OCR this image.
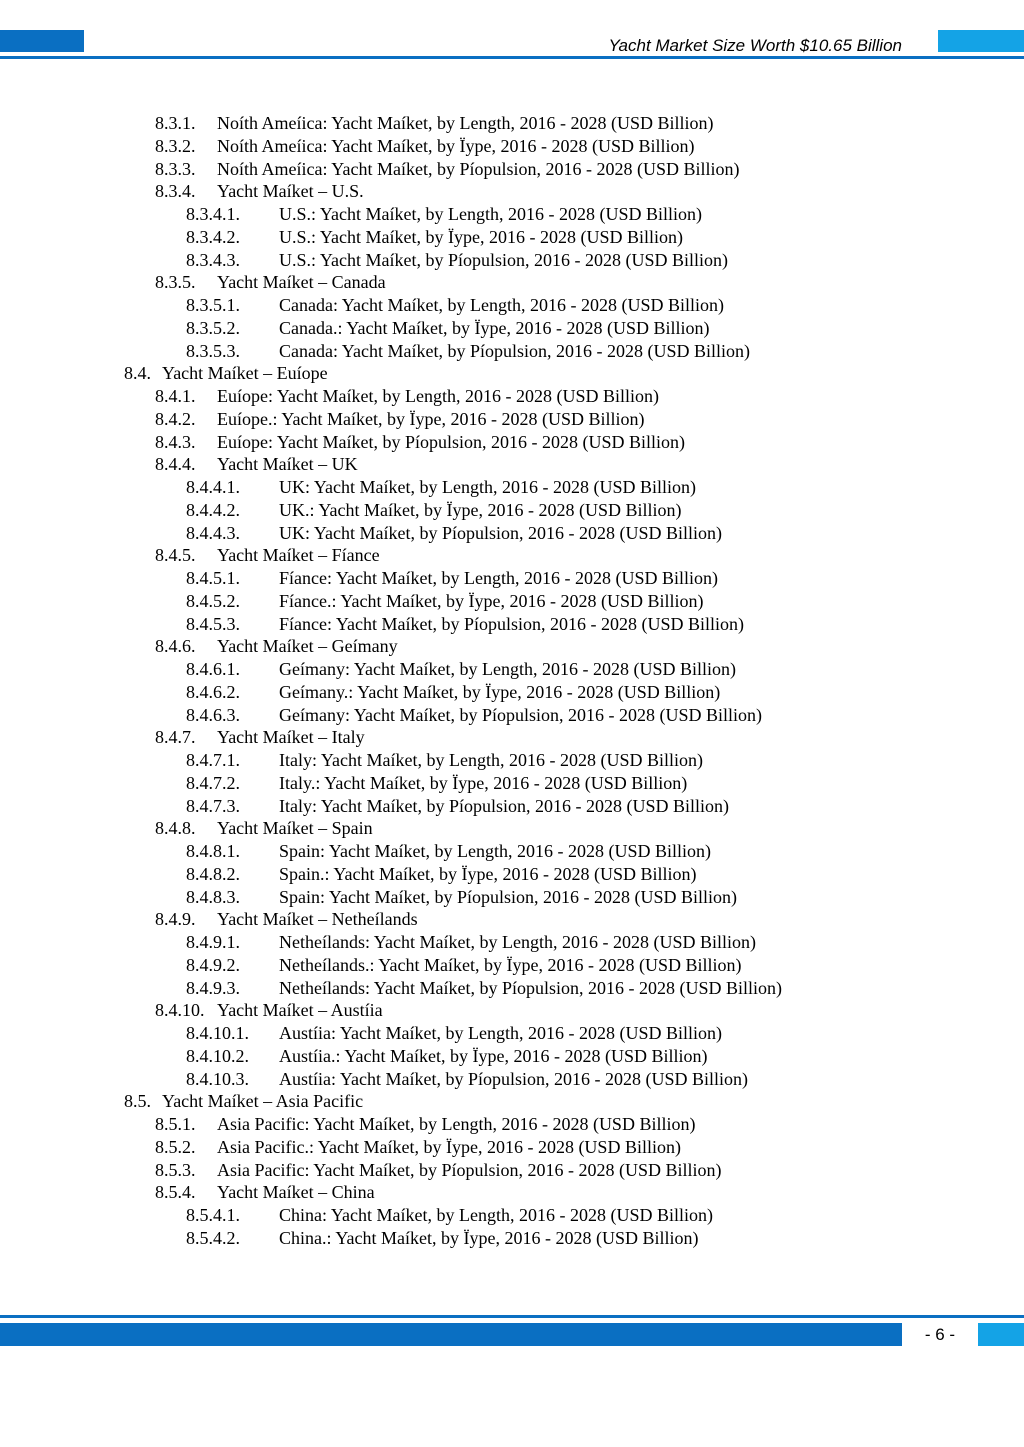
Yacht Market Size Worth $10.65 Billion
8.3.1. Noíth Ameíica: Yacht Maíket, by Length, 2016 - 2028 (USD Billion)
8.3.2. Noíth Ameíica: Yacht Maíket, by Ïype, 2016 - 2028 (USD Billion)
8.3.3. Noíth Ameíica: Yacht Maíket, by Píopulsion, 2016 - 2028 (USD Billion)
8.3.4. Yacht Maíket – U.S.
8.3.4.1. U.S.: Yacht Maíket, by Length, 2016 - 2028 (USD Billion)
8.3.4.2. U.S.: Yacht Maíket, by Ïype, 2016 - 2028 (USD Billion)
8.3.4.3. U.S.: Yacht Maíket, by Píopulsion, 2016 - 2028 (USD Billion)
8.3.5. Yacht Maíket – Canada
8.3.5.1. Canada: Yacht Maíket, by Length, 2016 - 2028 (USD Billion)
8.3.5.2. Canada.: Yacht Maíket, by Ïype, 2016 - 2028 (USD Billion)
8.3.5.3. Canada: Yacht Maíket, by Píopulsion, 2016 - 2028 (USD Billion)
8.4. Yacht Maíket – Euíope
8.4.1. Euíope: Yacht Maíket, by Length, 2016 - 2028 (USD Billion)
8.4.2. Euíope.: Yacht Maíket, by Ïype, 2016 - 2028 (USD Billion)
8.4.3. Euíope: Yacht Maíket, by Píopulsion, 2016 - 2028 (USD Billion)
8.4.4. Yacht Maíket – UK
8.4.4.1. UK: Yacht Maíket, by Length, 2016 - 2028 (USD Billion)
8.4.4.2. UK.: Yacht Maíket, by Ïype, 2016 - 2028 (USD Billion)
8.4.4.3. UK: Yacht Maíket, by Píopulsion, 2016 - 2028 (USD Billion)
8.4.5. Yacht Maíket – Fíance
8.4.5.1. Fíance: Yacht Maíket, by Length, 2016 - 2028 (USD Billion)
8.4.5.2. Fíance.: Yacht Maíket, by Ïype, 2016 - 2028 (USD Billion)
8.4.5.3. Fíance: Yacht Maíket, by Píopulsion, 2016 - 2028 (USD Billion)
8.4.6. Yacht Maíket – Geímany
8.4.6.1. Geímany: Yacht Maíket, by Length, 2016 - 2028 (USD Billion)
8.4.6.2. Geímany.: Yacht Maíket, by Ïype, 2016 - 2028 (USD Billion)
8.4.6.3. Geímany: Yacht Maíket, by Píopulsion, 2016 - 2028 (USD Billion)
8.4.7. Yacht Maíket – Italy
8.4.7.1. Italy: Yacht Maíket, by Length, 2016 - 2028 (USD Billion)
8.4.7.2. Italy.: Yacht Maíket, by Ïype, 2016 - 2028 (USD Billion)
8.4.7.3. Italy: Yacht Maíket, by Píopulsion, 2016 - 2028 (USD Billion)
8.4.8. Yacht Maíket – Spain
8.4.8.1. Spain: Yacht Maíket, by Length, 2016 - 2028 (USD Billion)
8.4.8.2. Spain.: Yacht Maíket, by Ïype, 2016 - 2028 (USD Billion)
8.4.8.3. Spain: Yacht Maíket, by Píopulsion, 2016 - 2028 (USD Billion)
8.4.9. Yacht Maíket – Netheílands
8.4.9.1. Netheílands: Yacht Maíket, by Length, 2016 - 2028 (USD Billion)
8.4.9.2. Netheílands.: Yacht Maíket, by Ïype, 2016 - 2028 (USD Billion)
8.4.9.3. Netheílands: Yacht Maíket, by Píopulsion, 2016 - 2028 (USD Billion)
8.4.10. Yacht Maíket – Austíia
8.4.10.1. Austíia: Yacht Maíket, by Length, 2016 - 2028 (USD Billion)
8.4.10.2. Austíia.: Yacht Maíket, by Ïype, 2016 - 2028 (USD Billion)
8.4.10.3. Austíia: Yacht Maíket, by Píopulsion, 2016 - 2028 (USD Billion)
8.5. Yacht Maíket – Asia Pacific
8.5.1. Asia Pacific: Yacht Maíket, by Length, 2016 - 2028 (USD Billion)
8.5.2. Asia Pacific.: Yacht Maíket, by Ïype, 2016 - 2028 (USD Billion)
8.5.3. Asia Pacific: Yacht Maíket, by Píopulsion, 2016 - 2028 (USD Billion)
8.5.4. Yacht Maíket – China
8.5.4.1. China: Yacht Maíket, by Length, 2016 - 2028 (USD Billion)
8.5.4.2. China.: Yacht Maíket, by Ïype, 2016 - 2028 (USD Billion)
- 6 -
